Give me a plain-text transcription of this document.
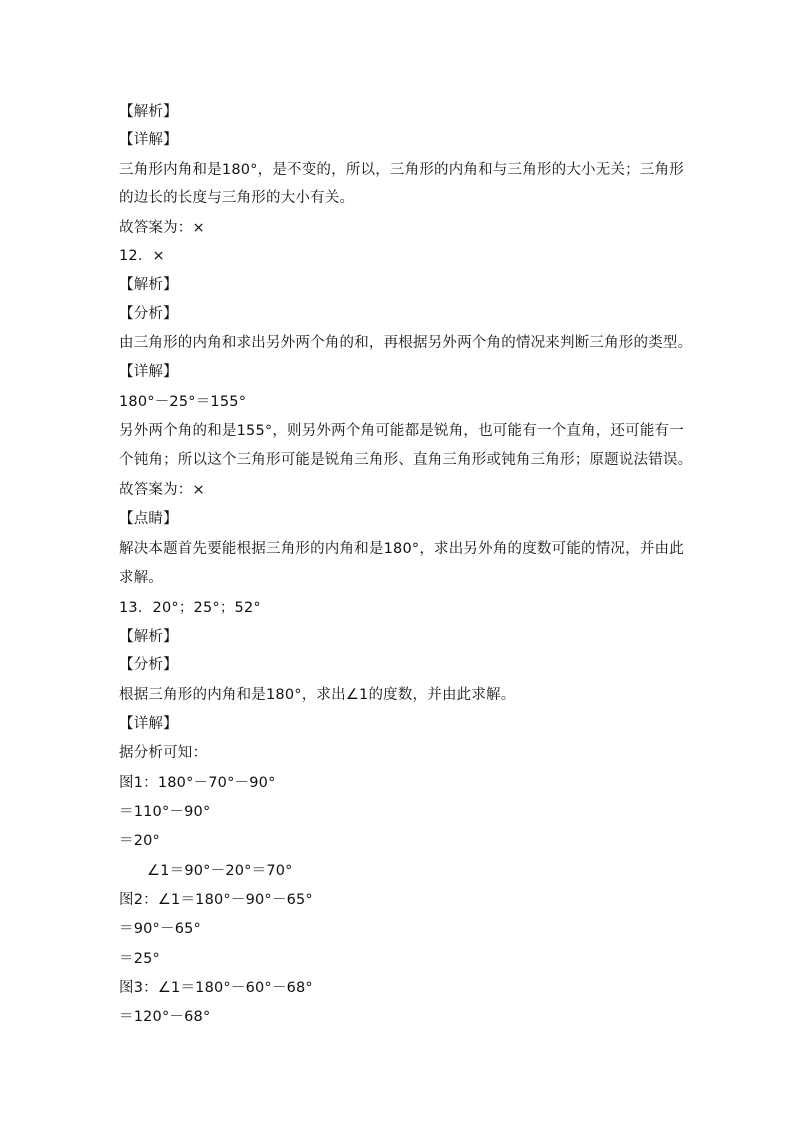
【解析】
【详解】
三角形内角和是180°，是不变的，所以，三角形的内角和与三角形的大小无关；三角形
的边长的长度与三角形的大小有关。
故答案为：×
12．×
【解析】
【分析】
由三角形的内角和求出另外两个角的和，再根据另外两个角的情况来判断三角形的类型。
【详解】
180°－25°＝155°
另外两个角的和是155°，则另外两个角可能都是锐角，也可能有一个直角，还可能有一
个钝角；所以这个三角形可能是锐角三角形、直角三角形或钝角三角形；原题说法错误。
故答案为：×
【点睛】
解决本题首先要能根据三角形的内角和是180°，求出另外角的度数可能的情况，并由此
求解。
13．20°；25°；52°
【解析】
【分析】
根据三角形的内角和是180°，求出∠1的度数，并由此求解。
【详解】
据分析可知：
图1：180°－70°－90°
＝110°－90°
＝20°
∠1＝90°－20°＝70°
图2：∠1＝180°－90°－65°
＝90°－65°
＝25°
图3：∠1＝180°－60°－68°
＝120°－68°
